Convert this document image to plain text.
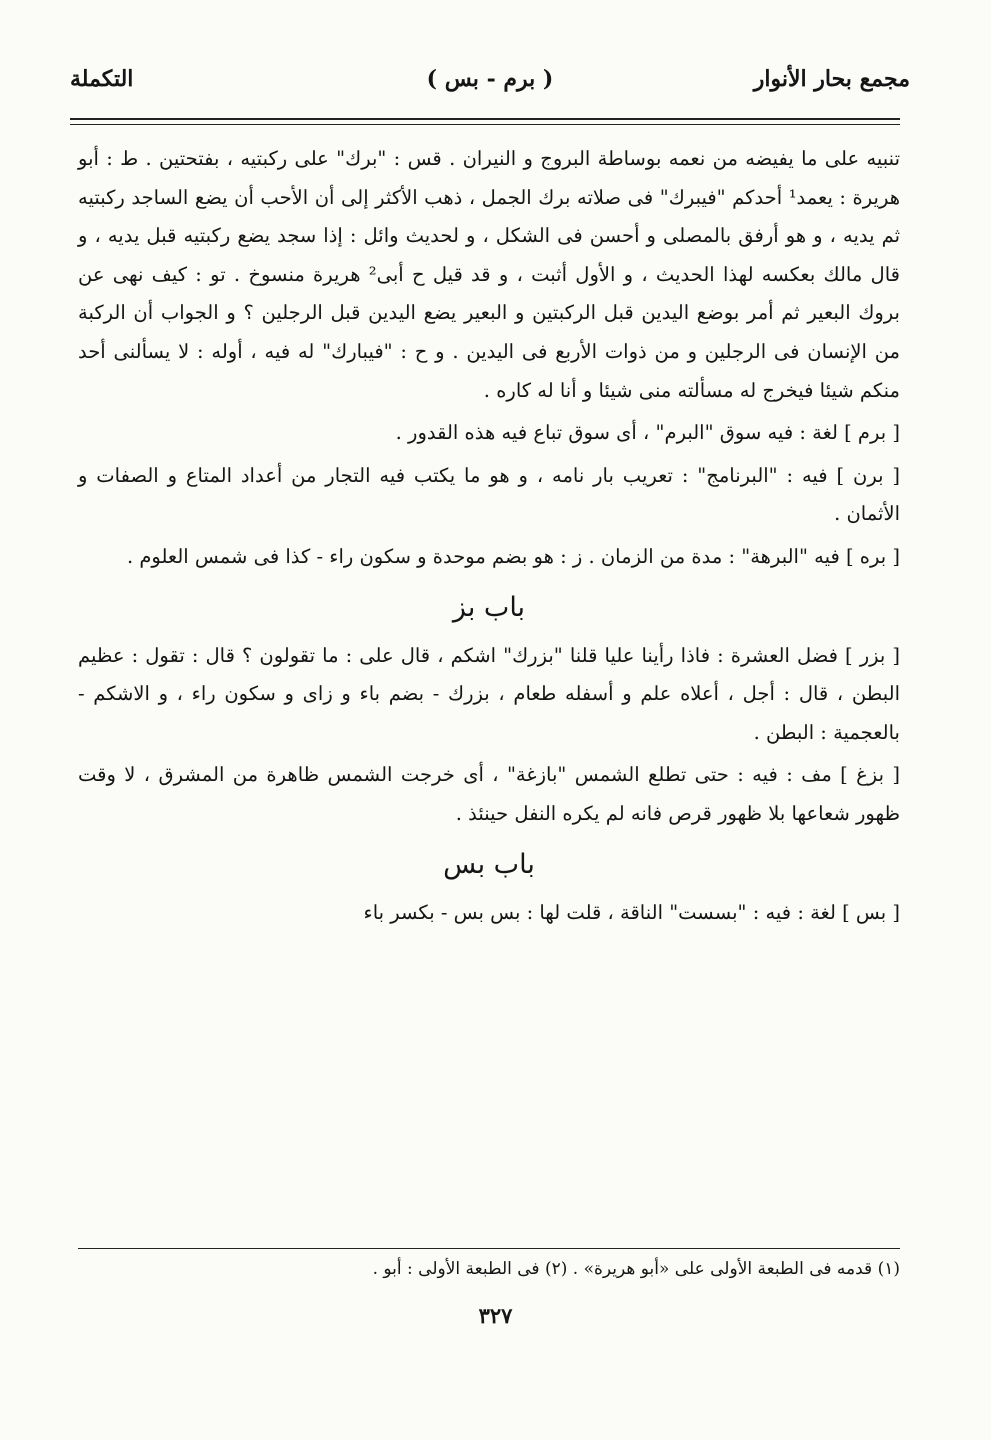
مجمع بحار الأنوار
( برم - بس )
التكملة

تنبيه على ما يفيضه من نعمه بوساطة البروج و النيران . قس : "برك" على ركبتيه ، بفتحتين . ط : أبو هريرة : يعمد¹ أحدكم "فيبرك" فى صلاته برك الجمل ، ذهب الأكثر إلى أن الأحب أن يضع الساجد ركبتيه ثم يديه ، و هو أرفق بالمصلى و أحسن فى الشكل ، و لحديث وائل : إذا سجد يضع ركبتيه قبل يديه ، و قال مالك بعكسه لهذا الحديث ، و الأول أثبت ، و قد قيل ح أبى² هريرة منسوخ . تو : كيف نهى عن بروك البعير ثم أمر بوضع اليدين قبل الركبتين و البعير يضع اليدين قبل الرجلين ؟ و الجواب أن الركبة من الإنسان فى الرجلين و من ذوات الأربع فى اليدين . و ح : "فيبارك" له فيه ، أوله : لا يسألنى أحد منكم شيئا فيخرج له مسألته منى شيئا و أنا له كاره .

[ برم ] لغة : فيه سوق "البرم" ، أى سوق تباع فيه هذه القدور .

[ برن ] فيه : "البرنامج" : تعريب بار نامه ، و هو ما يكتب فيه التجار من أعداد المتاع و الصفات و الأثمان .

[ بره ] فيه "البرهة" : مدة من الزمان . ز : هو بضم موحدة و سكون راء - كذا فى شمس العلوم .

باب بز

[ بزر ] فضل العشرة : فاذا رأينا عليا قلنا "بزرك" اشكم ، قال على : ما تقولون ؟ قال : تقول : عظيم البطن ، قال : أجل ، أعلاه علم و أسفله طعام ، بزرك - بضم باء و زاى و سكون راء ، و الاشكم - بالعجمية : البطن .

[ بزغ ] مف : فيه : حتى تطلع الشمس "بازغة" ، أى خرجت الشمس ظاهرة من المشرق ، لا وقت ظهور شعاعها بلا ظهور قرص فانه لم يكره النفل حينئذ .

باب بس

[ بس ] لغة : فيه : "بسست" الناقة ، قلت لها : بس بس - بكسر باء

(١) قدمه فى الطبعة الأولى على «أبو هريرة» . (٢) فى الطبعة الأولى : أبو .
٣٢٧
